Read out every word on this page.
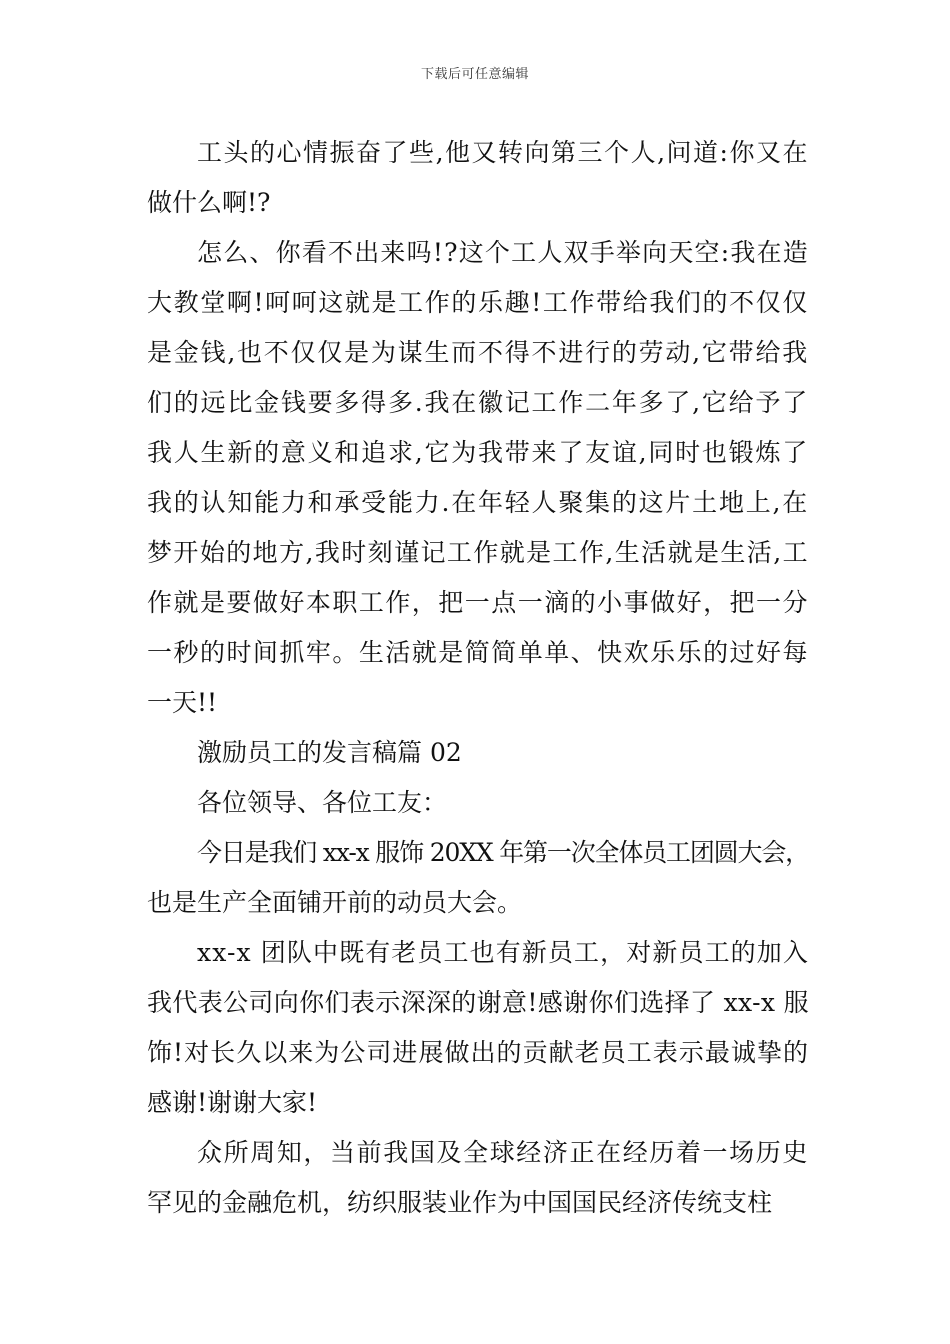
下载后可任意编辑
工头的心情振奋了些,他又转向第三个人,问道:你又在
做什么啊!?
怎么、你看不出来吗!?这个工人双手举向天空:我在造
大教堂啊!呵呵这就是工作的乐趣!工作带给我们的不仅仅
是金钱,也不仅仅是为谋生而不得不进行的劳动,它带给我
们的远比金钱要多得多.我在徽记工作二年多了,它给予了
我人生新的意义和追求,它为我带来了友谊,同时也锻炼了
我的认知能力和承受能力.在年轻人聚集的这片土地上,在
梦开始的地方,我时刻谨记工作就是工作,生活就是生活,工
作就是要做好本职工作，把一点一滴的小事做好，把一分
一秒的时间抓牢。生活就是简简单单、快欢乐乐的过好每
一天!!
激励员工的发言稿篇 02
各位领导、各位工友：
今日是我们 xx-x 服饰 20XX 年第一次全体员工团圆大会，
也是生产全面铺开前的动员大会。
xx-x 团队中既有老员工也有新员工，对新员工的加入
我代表公司向你们表示深深的谢意!感谢你们选择了 xx-x 服
饰!对长久以来为公司进展做出的贡献老员工表示最诚挚的
感谢!谢谢大家!
众所周知，当前我国及全球经济正在经历着一场历史
罕见的金融危机，纺织服装业作为中国国民经济传统支柱
